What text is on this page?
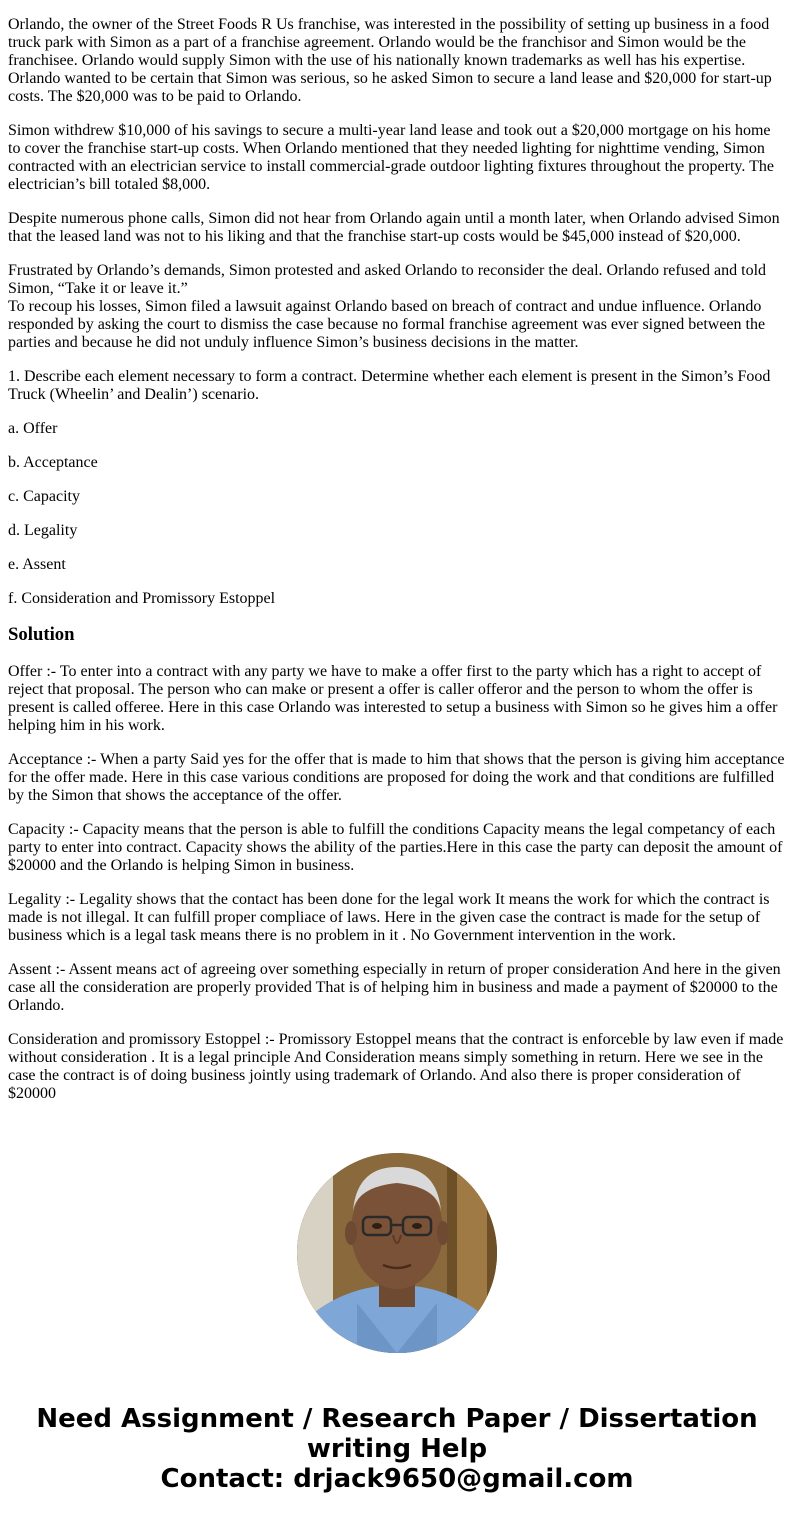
Orlando, the owner of the Street Foods R Us franchise, was interested in the possibility of setting up business in a food truck park with Simon as a part of a franchise agreement. Orlando would be the franchisor and Simon would be the franchisee. Orlando would supply Simon with the use of his nationally known trademarks as well has his expertise. Orlando wanted to be certain that Simon was serious, so he asked Simon to secure a land lease and $20,000 for start-up costs. The $20,000 was to be paid to Orlando.

Simon withdrew $10,000 of his savings to secure a multi-year land lease and took out a $20,000 mortgage on his home to cover the franchise start-up costs. When Orlando mentioned that they needed lighting for nighttime vending, Simon contracted with an electrician service to install commercial-grade outdoor lighting fixtures throughout the property. The electrician’s bill totaled $8,000.

Despite numerous phone calls, Simon did not hear from Orlando again until a month later, when Orlando advised Simon that the leased land was not to his liking and that the franchise start-up costs would be $45,000 instead of $20,000.

Frustrated by Orlando’s demands, Simon protested and asked Orlando to reconsider the deal. Orlando refused and told Simon, “Take it or leave it.”
To recoup his losses, Simon filed a lawsuit against Orlando based on breach of contract and undue influence. Orlando responded by asking the court to dismiss the case because no formal franchise agreement was ever signed between the parties and because he did not unduly influence Simon’s business decisions in the matter.

1. Describe each element necessary to form a contract. Determine whether each element is present in the Simon’s Food Truck (Wheelin’ and Dealin’) scenario.

a. Offer

b. Acceptance

c. Capacity

d. Legality

e. Assent

f. Consideration and Promissory Estoppel

Solution

Offer :- To enter into a contract with any party we have to make a offer first to the party which has a right to accept of reject that proposal. The person who can make or present a offer is caller offeror and the person to whom the offer is present is called offeree. Here in this case Orlando was interested to setup a business with Simon so he gives him a offer helping him in his work.

Acceptance :- When a party Said yes for the offer that is made to him that shows that the person is giving him acceptance for the offer made. Here in this case various conditions are proposed for doing the work and that conditions are fulfilled by the Simon that shows the acceptance of the offer.

Capacity :- Capacity means that the person is able to fulfill the conditions Capacity means the legal competancy of each party to enter into contract. Capacity shows the ability of the parties.Here in this case the party can deposit the amount of $20000 and the Orlando is helping Simon in business.

Legality :- Legality shows that the contact has been done for the legal work It means the work for which the contract is made is not illegal. It can fulfill proper compliace of laws. Here in the given case the contract is made for the setup of business which is a legal task means there is no problem in it . No Government intervention in the work.

Assent :- Assent means act of agreeing over something especially in return of proper consideration And here in the given case all the consideration are properly provided That is of helping him in business and made a payment of $20000 to the Orlando.

Consideration and promissory Estoppel :- Promissory Estoppel means that the contract is enforceble by law even if made without consideration . It is a legal principle And Consideration means simply something in return. Here we see in the case the contract is of doing business jointly using trademark of Orlando. And also there is proper consideration of $20000

Need Assignment / Research Paper / Dissertation writing Help
Contact: drjack9650@gmail.com
